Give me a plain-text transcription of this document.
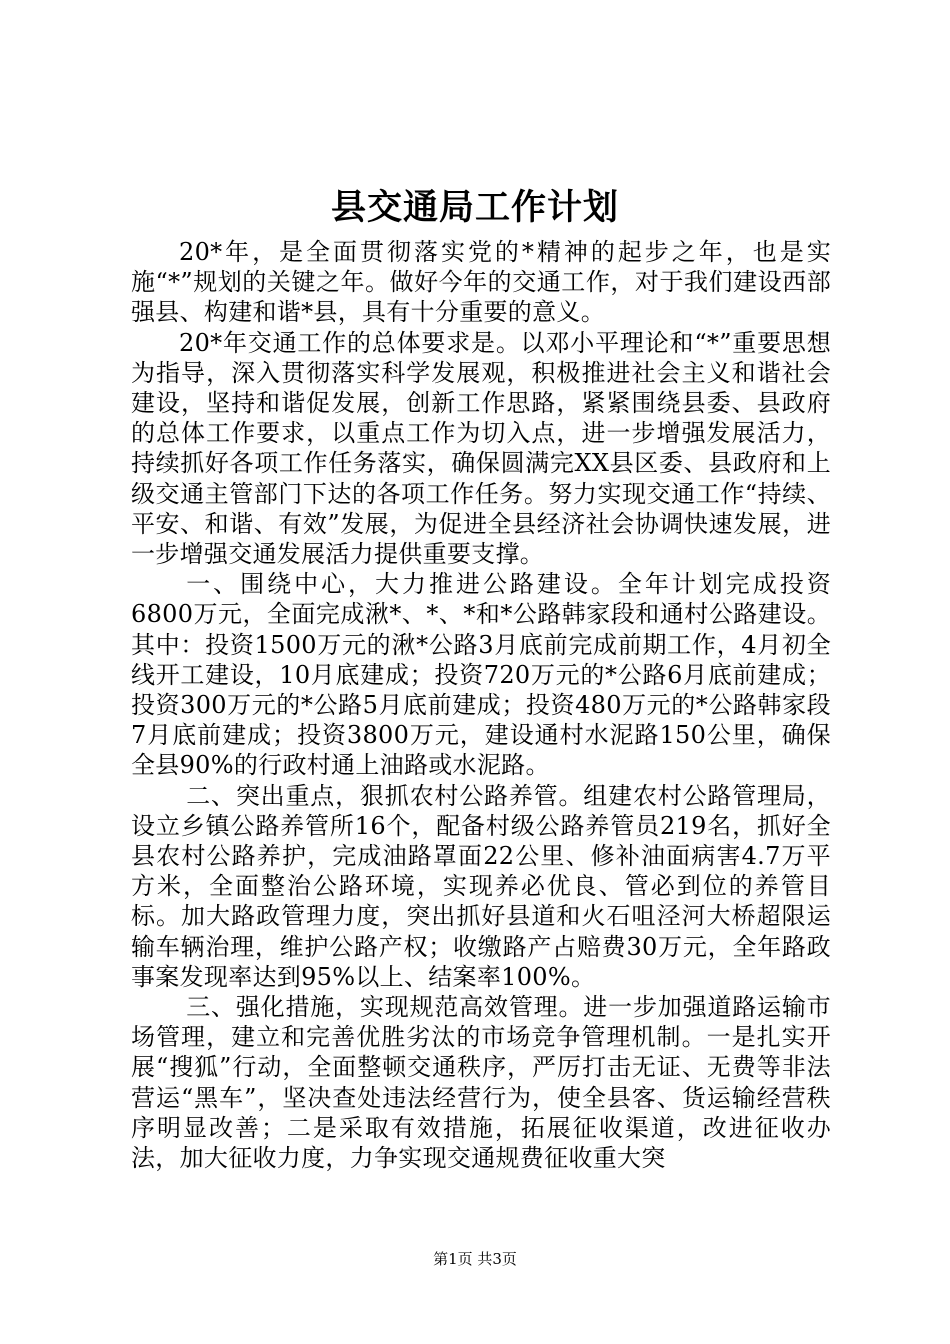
县交通局工作计划

20*年，是全面贯彻落实党的*精神的起步之年，也是实施“*”规划的关键之年。做好今年的交通工作，对于我们建设西部强县、构建和谐*县，具有十分重要的意义。

20*年交通工作的总体要求是。以邓小平理论和“*”重要思想为指导，深入贯彻落实科学发展观，积极推进社会主义和谐社会建设，坚持和谐促发展，创新工作思路，紧紧围绕县委、县政府的总体工作要求，以重点工作为切入点，进一步增强发展活力，持续抓好各项工作任务落实，确保圆满完XX县区委、县政府和上级交通主管部门下达的各项工作任务。努力实现交通工作“持续、平安、和谐、有效”发展，为促进全县经济社会协调快速发展，进一步增强交通发展活力提供重要支撑。

一、围绕中心，大力推进公路建设。全年计划完成投资6800万元，全面完成湫*、*、*和*公路韩家段和通村公路建设。其中：投资1500万元的湫*公路3月底前完成前期工作，4月初全线开工建设，10月底建成；投资720万元的*公路6月底前建成；投资300万元的*公路5月底前建成；投资480万元的*公路韩家段7月底前建成；投资3800万元，建设通村水泥路150公里，确保全县90%的行政村通上油路或水泥路。

二、突出重点，狠抓农村公路养管。组建农村公路管理局，设立乡镇公路养管所16个，配备村级公路养管员219名，抓好全县农村公路养护，完成油路罩面22公里、修补油面病害4.7万平方米，全面整治公路环境，实现养必优良、管必到位的养管目标。加大路政管理力度，突出抓好县道和火石咀泾河大桥超限运输车辆治理，维护公路产权；收缴路产占赔费30万元，全年路政事案发现率达到95%以上、结案率100%。

三、强化措施，实现规范高效管理。进一步加强道路运输市场管理，建立和完善优胜劣汰的市场竞争管理机制。一是扎实开展“搜狐”行动，全面整顿交通秩序，严厉打击无证、无费等非法营运“黑车”，坚决查处违法经营行为，使全县客、货运输经营秩序明显改善；二是采取有效措施，拓展征收渠道，改进征收办法，加大征收力度，力争实现交通规费征收重大突

第1页 共3页
